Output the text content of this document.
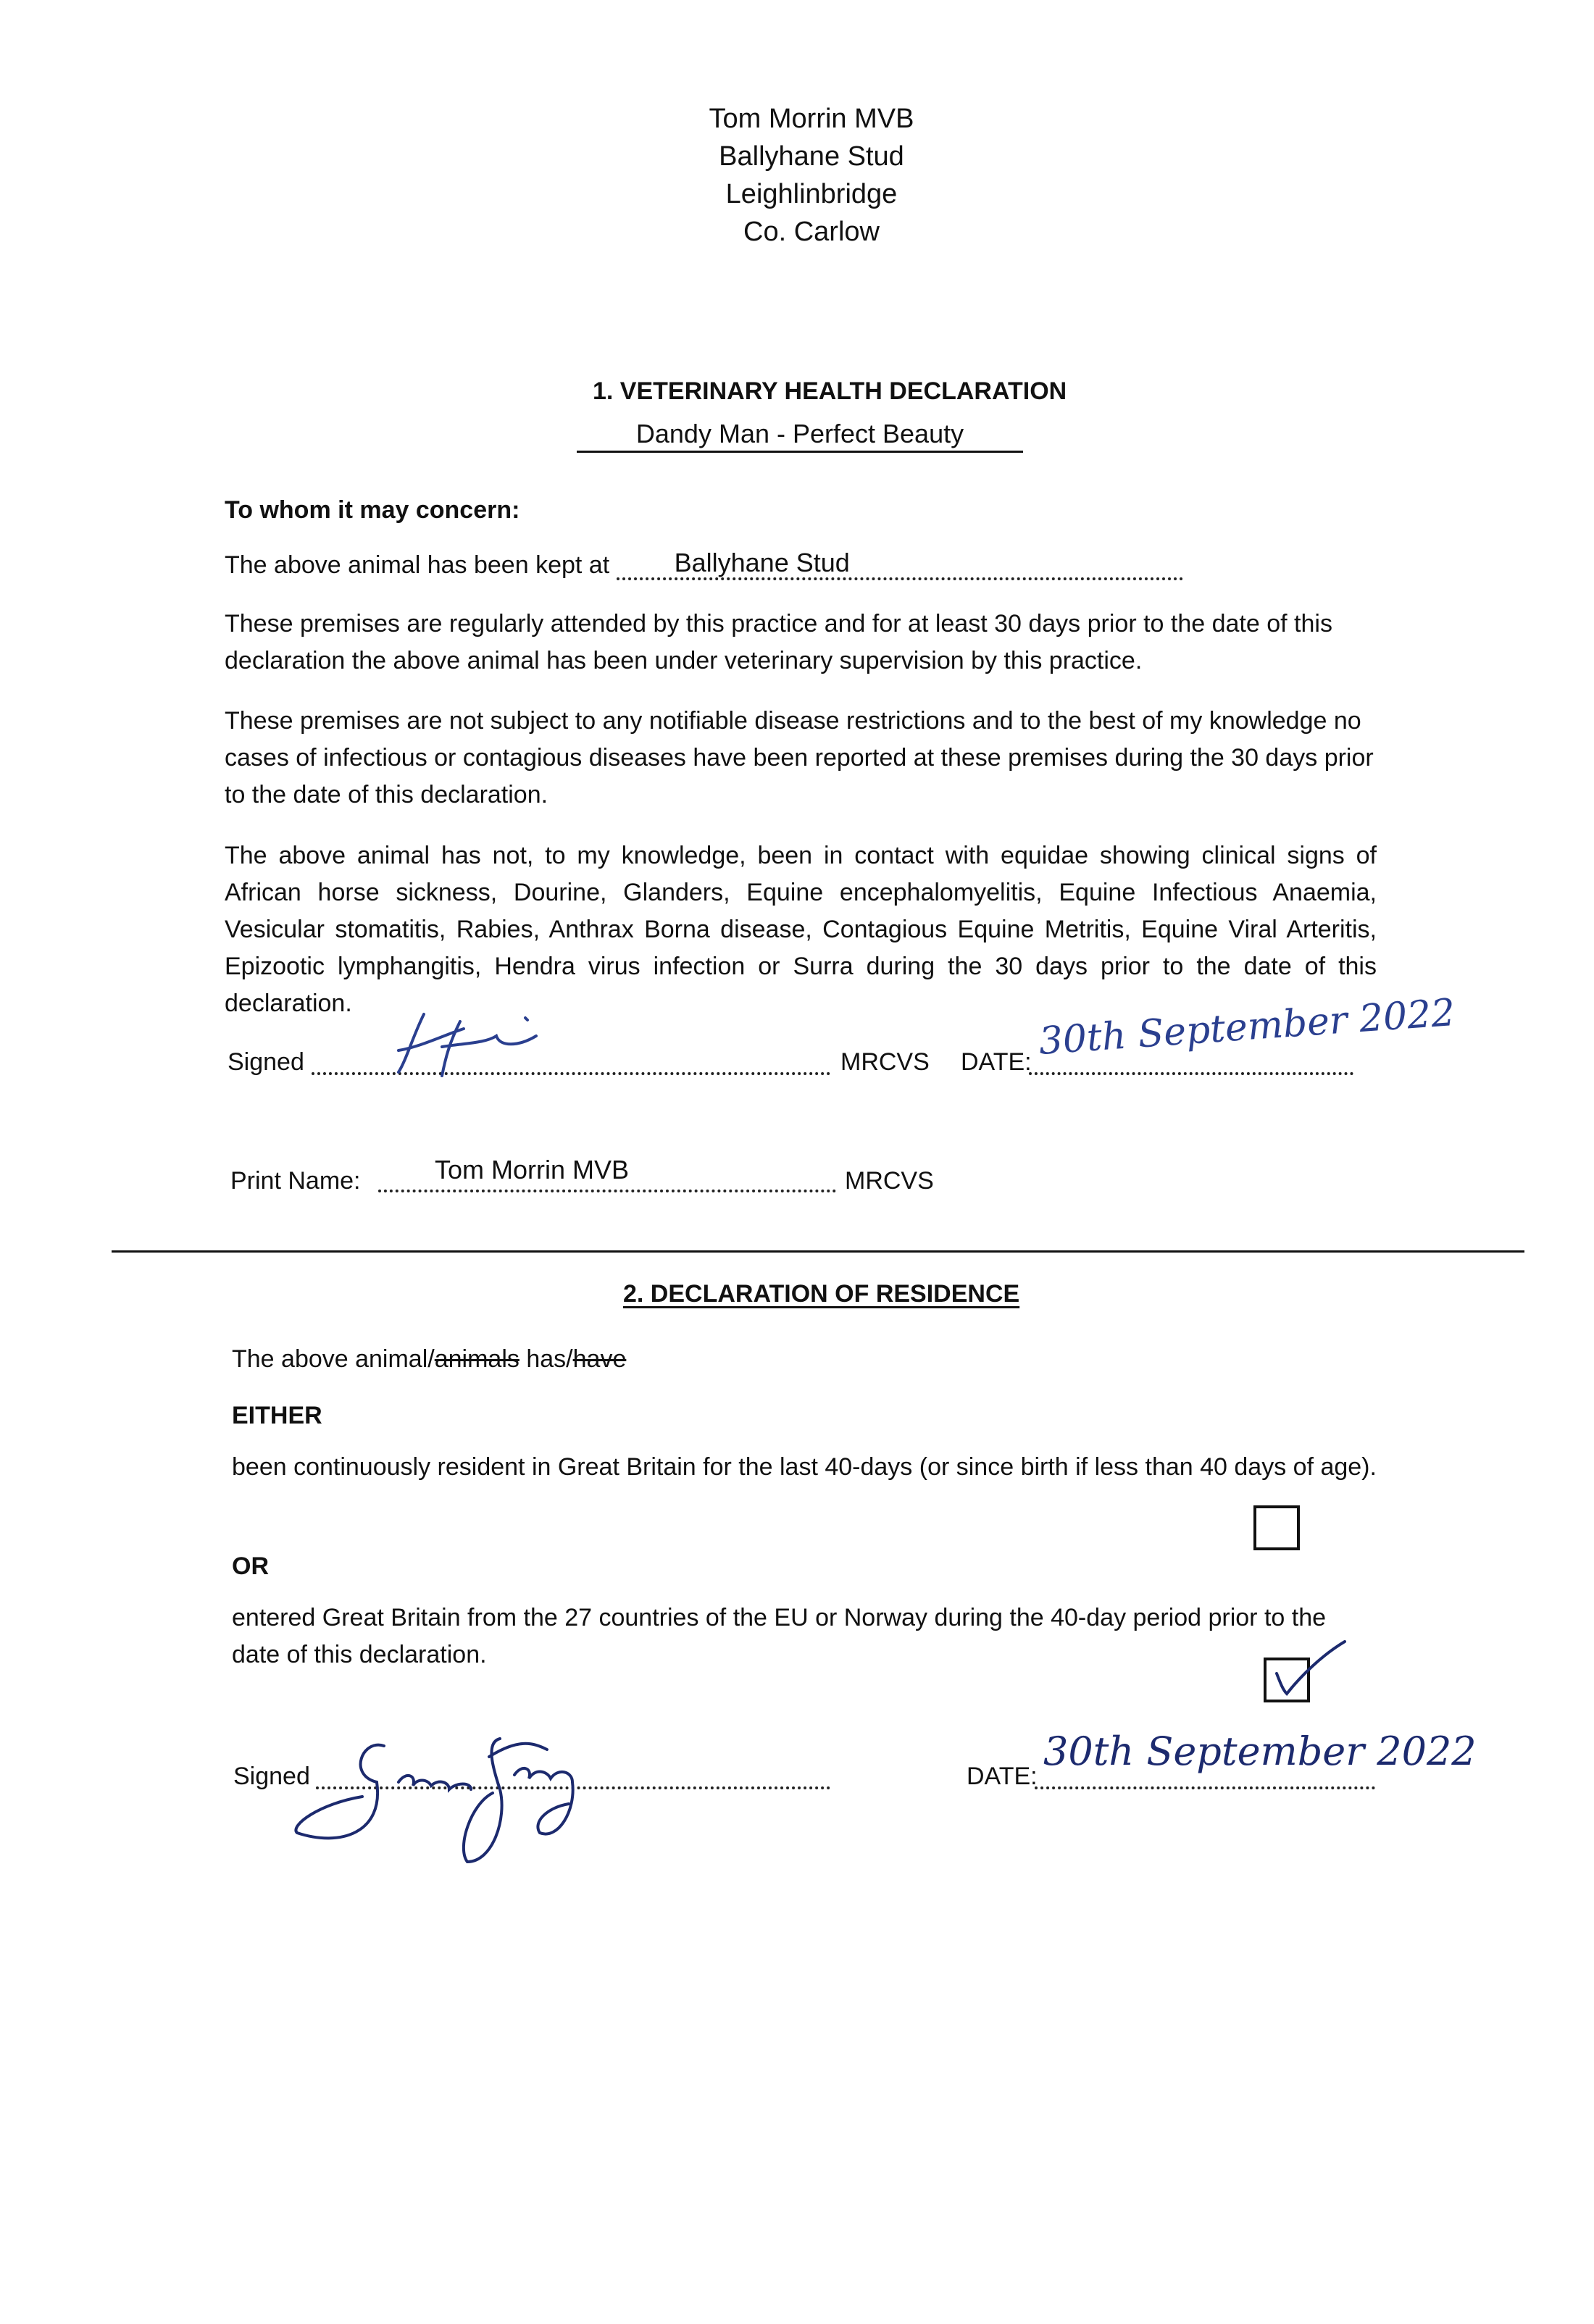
Tom Morrin MVB
Ballyhane Stud
Leighlinbridge
Co. Carlow
1. VETERINARY HEALTH DECLARATION
Dandy Man - Perfect Beauty
To whom it may concern:
The above animal has been kept at Ballyhane Stud
These premises are regularly attended by this practice and for at least 30 days prior to the date of this declaration the above animal has been under veterinary supervision by this practice.
These premises are not subject to any notifiable disease restrictions and to the best of my knowledge no cases of infectious or contagious diseases have been reported at these premises during the 30 days prior to the date of this declaration.
The above animal has not, to my knowledge, been in contact with equidae showing clinical signs of African horse sickness, Dourine, Glanders, Equine encephalomyelitis, Equine Infectious Anaemia, Vesicular stomatitis, Rabies, Anthrax Borna disease, Contagious Equine Metritis, Equine Viral Arteritis, Epizootic lymphangitis, Hendra virus infection or Surra during the 30 days prior to the date of this declaration.
Signed	MRCVS DATE: 30th September 2022
Print Name:	Tom Morrin MVB	MRCVS
2. DECLARATION OF RESIDENCE
The above animal/animals has/have
EITHER
been continuously resident in Great Britain for the last 40-days (or since birth if less than 40 days of age).
OR
entered Great Britain from the 27 countries of the EU or Norway during the 40-day period prior to the date of this declaration.
Signed	DATE:
30th September 2022
